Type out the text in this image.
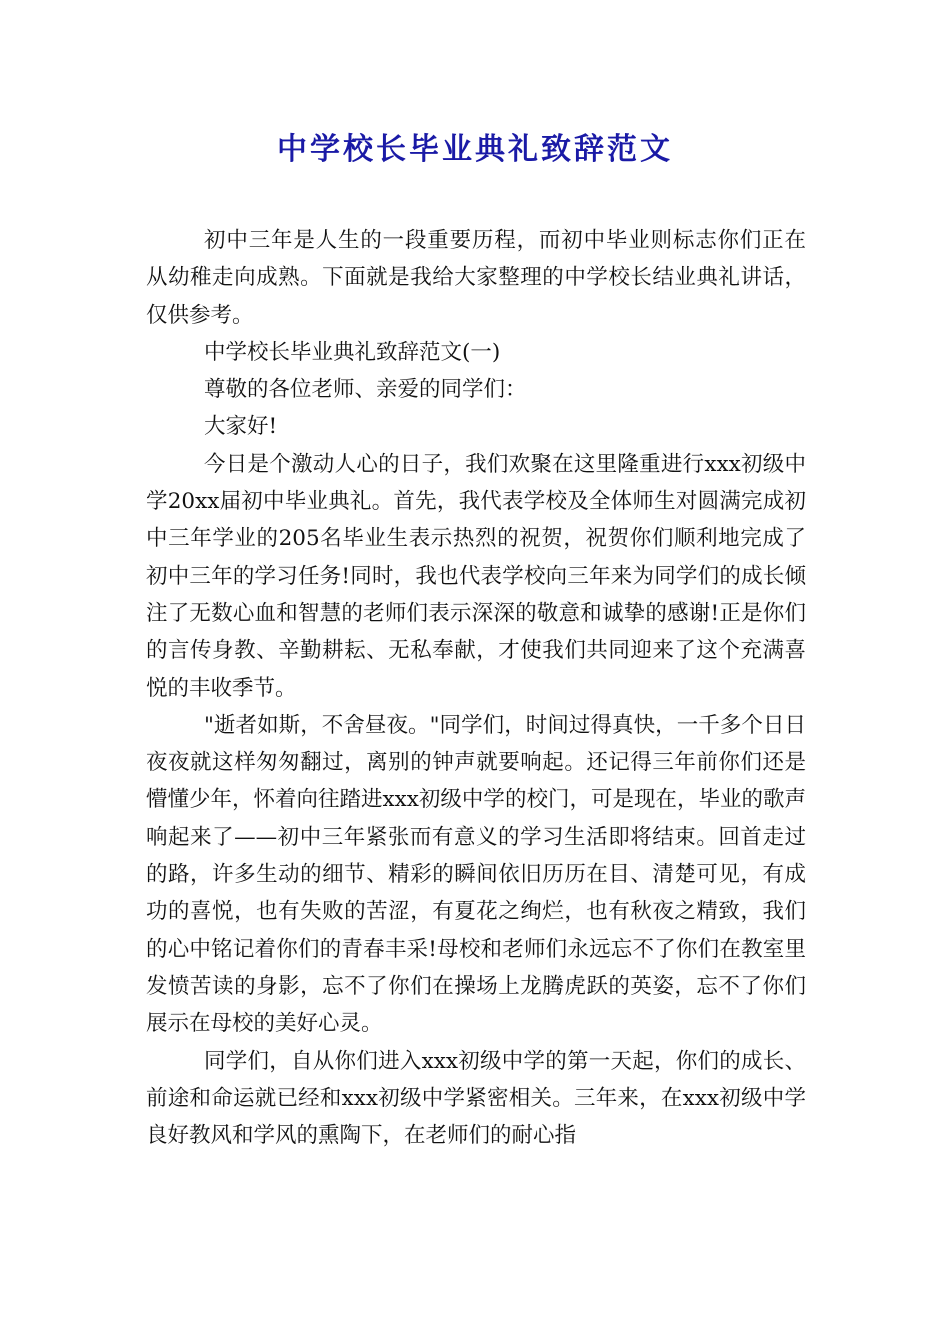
中学校长毕业典礼致辞范文

初中三年是人生的一段重要历程，而初中毕业则标志你们正在从幼稚走向成熟。下面就是我给大家整理的中学校长结业典礼讲话，仅供参考。

中学校长毕业典礼致辞范文(一)

尊敬的各位老师、亲爱的同学们：

大家好!

今日是个激动人心的日子，我们欢聚在这里隆重进行xxx初级中学20xx届初中毕业典礼。首先，我代表学校及全体师生对圆满完成初中三年学业的205名毕业生表示热烈的祝贺，祝贺你们顺利地完成了初中三年的学习任务!同时，我也代表学校向三年来为同学们的成长倾注了无数心血和智慧的老师们表示深深的敬意和诚挚的感谢!正是你们的言传身教、辛勤耕耘、无私奉献，才使我们共同迎来了这个充满喜悦的丰收季节。

"逝者如斯，不舍昼夜。"同学们，时间过得真快，一千多个日日夜夜就这样匆匆翻过，离别的钟声就要响起。还记得三年前你们还是懵懂少年，怀着向往踏进xxx初级中学的校门，可是现在，毕业的歌声响起来了——初中三年紧张而有意义的学习生活即将结束。回首走过的路，许多生动的细节、精彩的瞬间依旧历历在目、清楚可见，有成功的喜悦，也有失败的苦涩，有夏花之绚烂，也有秋夜之精致，我们的心中铭记着你们的青春丰采!母校和老师们永远忘不了你们在教室里发愤苦读的身影，忘不了你们在操场上龙腾虎跃的英姿，忘不了你们展示在母校的美好心灵。

同学们，自从你们进入xxx初级中学的第一天起，你们的成长、前途和命运就已经和xxx初级中学紧密相关。三年来，在xxx初级中学良好教风和学风的熏陶下，在老师们的耐心指
